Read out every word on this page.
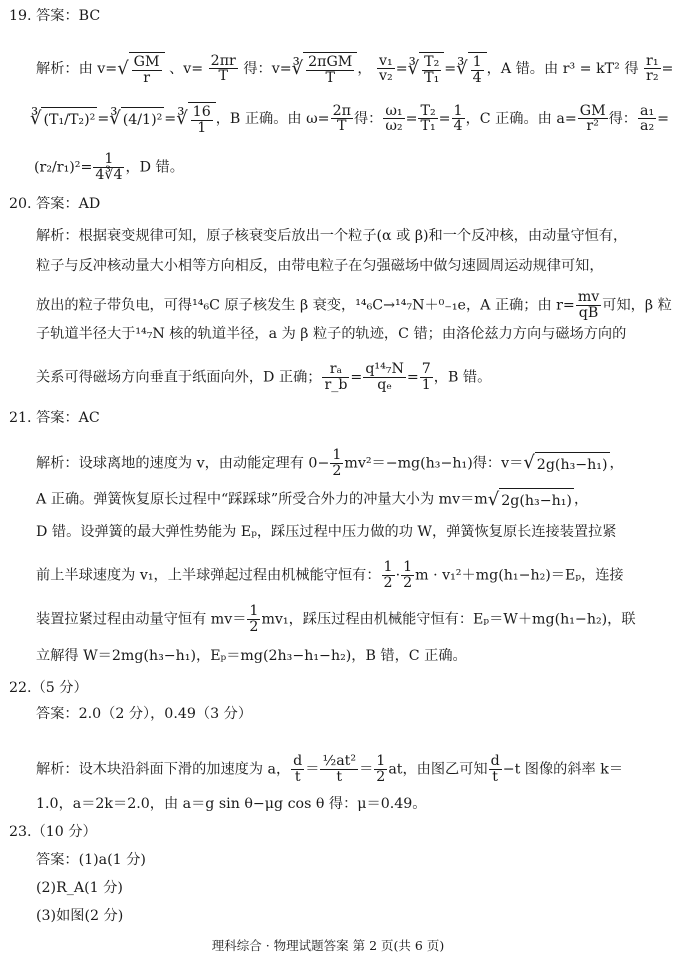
19. 答案：BC
解析：由 $v=√ \frac{GM}{r}$ 、$v= \frac{2\pi r}{T}$ 得：v=∛ $\frac{\text{2πGM}}{T}$ ， $\frac{\text{v₁}}{\text{v₂}}$ =∛ $\frac{\text{T₂}}{\text{T₁}}$ =∛ $\frac{1}{4}$ ，A 错。由 r³ = kT² 得 $\frac{\text{r₁}}{\text{r₂}}$ =
∛ (T₁/T₂)² =∛ (4/1)² =∛ $\frac{16}{1}$ ，B 正确。由 $\omega= \frac{2\pi}{T}$ 得： $\frac{\text{ω₁}}{\text{ω₂}} = \frac{\text{T₂}}{\text{T₁}} = \frac{1}{4}$ ，C 正确。由 $a= \frac{GM}{\text{r²}}$ 得： $\frac{\text{a₁}}{\text{a₂}}$ =
$(r_2/r_1)^2= \frac{1}{4∛4}$ ，D 错。
20. 答案：AD
解析：根据衰变规律可知，原子核衰变后放出一个粒子(α 或 β)和一个反冲核，由动量守恒有，
粒子与反冲核动量大小相等方向相反，由带电粒子在匀强磁场中做匀速圆周运动规律可知，
放出的粒子带负电，可得¹⁴₆C 原子核发生 β 衰变，¹⁴₆C→¹⁴₇N＋⁰₋₁e，A 正确；由 $r= \frac{mv}{qB}$ 可知，β 粒
子轨道半径大于¹⁴₇N 核的轨道半径，a 为 β 粒子的轨迹，C 错；由洛伦兹力方向与磁场方向的
关系可得磁场方向垂直于纸面向外，D 正确； $\frac{\text{rₐ}}{r\_b} = \frac{\text{q¹⁴₇N}}{\text{qₑ}} = \frac{7}{1}$ ，B 错。
21. 答案：AC
解析：设球离地的速度为 v，由动能定理有 $0- \frac{1}{2} mv^2=-mg(h_3-h_1)$得：v＝√ 2g(h₃−h₁) ，
A 正确。弹簧恢复原长过程中“踩踩球”所受合外力的冲量大小为 mv＝m√ 2g(h₃−h₁) ，
D 错。设弹簧的最大弹性势能为 Eₚ，踩压过程中压力做的功 W，弹簧恢复原长连接装置拉紧
前上半球速度为 v₁，上半球弹起过程由机械能守恒有： $\frac{1}{2} \cdot \frac{1}{2}$ m · v₁²＋mg(h₁−h₂)＝Eₚ，连接
装置拉紧过程由动量守恒有 $mv= \frac{1}{2} mv_1$，踩压过程由机械能守恒有：Eₚ＝W＋mg(h₁−h₂)，联
立解得 W＝2mg(h₃−h₁)，Eₚ＝mg(2h₃−h₁−h₂)，B 错，C 正确。
22.（5 分）
答案：2.0（2 分），0.49（3 分）
解析：设木块沿斜面下滑的加速度为 a， $\frac{d}{t} = \frac{\text{½at²}}{t} = \frac{1}{2}$ at，由图乙可知 $\frac{d}{t} -t$ 图像的斜率 k＝
1.0，a＝2k＝2.0，由 a＝g sin θ−μg cos θ 得：μ＝0.49。
23.（10 分）
答案：(1)a(1 分)
(2)R_A(1 分)
(3)如图(2 分)
理科综合 · 物理试题答案 第 2 页(共 6 页)
